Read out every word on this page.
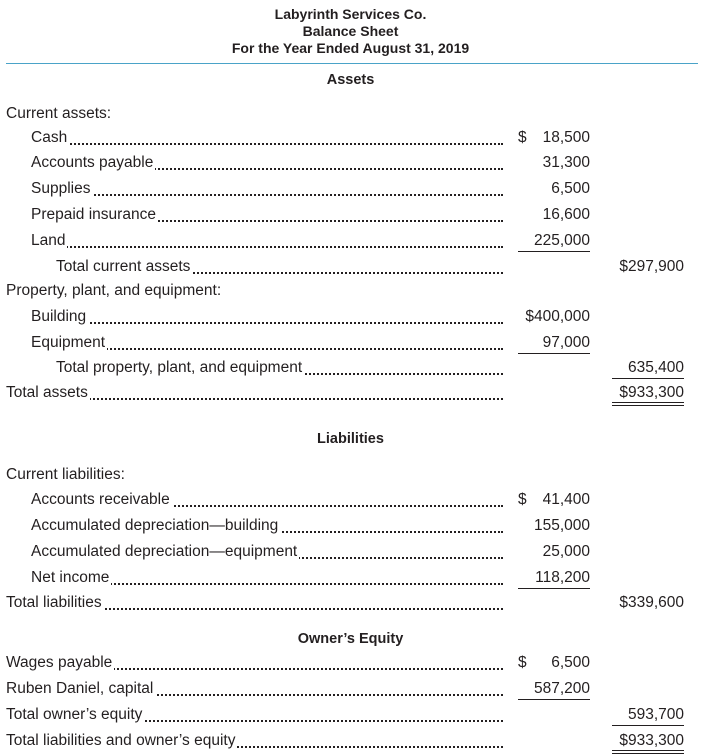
Labyrinth Services Co.
Balance Sheet
For the Year Ended August 31, 2019
Assets
Liabilities
Owner’s Equity
Current assets:
Cash	$ 18,500
Accounts payable	31,300
Supplies	6,500
Prepaid insurance	16,600
Land	225,000
Total current assets	$297,900
Property, plant, and equipment:
Building	$400,000
Equipment	97,000
Total property, plant, and equipment	635,400
Total assets	$933,300
Current liabilities:
Accounts receivable	$ 41,400
Accumulated depreciation—building	155,000
Accumulated depreciation—equipment	25,000
Net income	118,200
Total liabilities	$339,600
Wages payable	$ 6,500
Ruben Daniel, capital	587,200
Total owner’s equity	593,700
Total liabilities and owner’s equity	$933,300
